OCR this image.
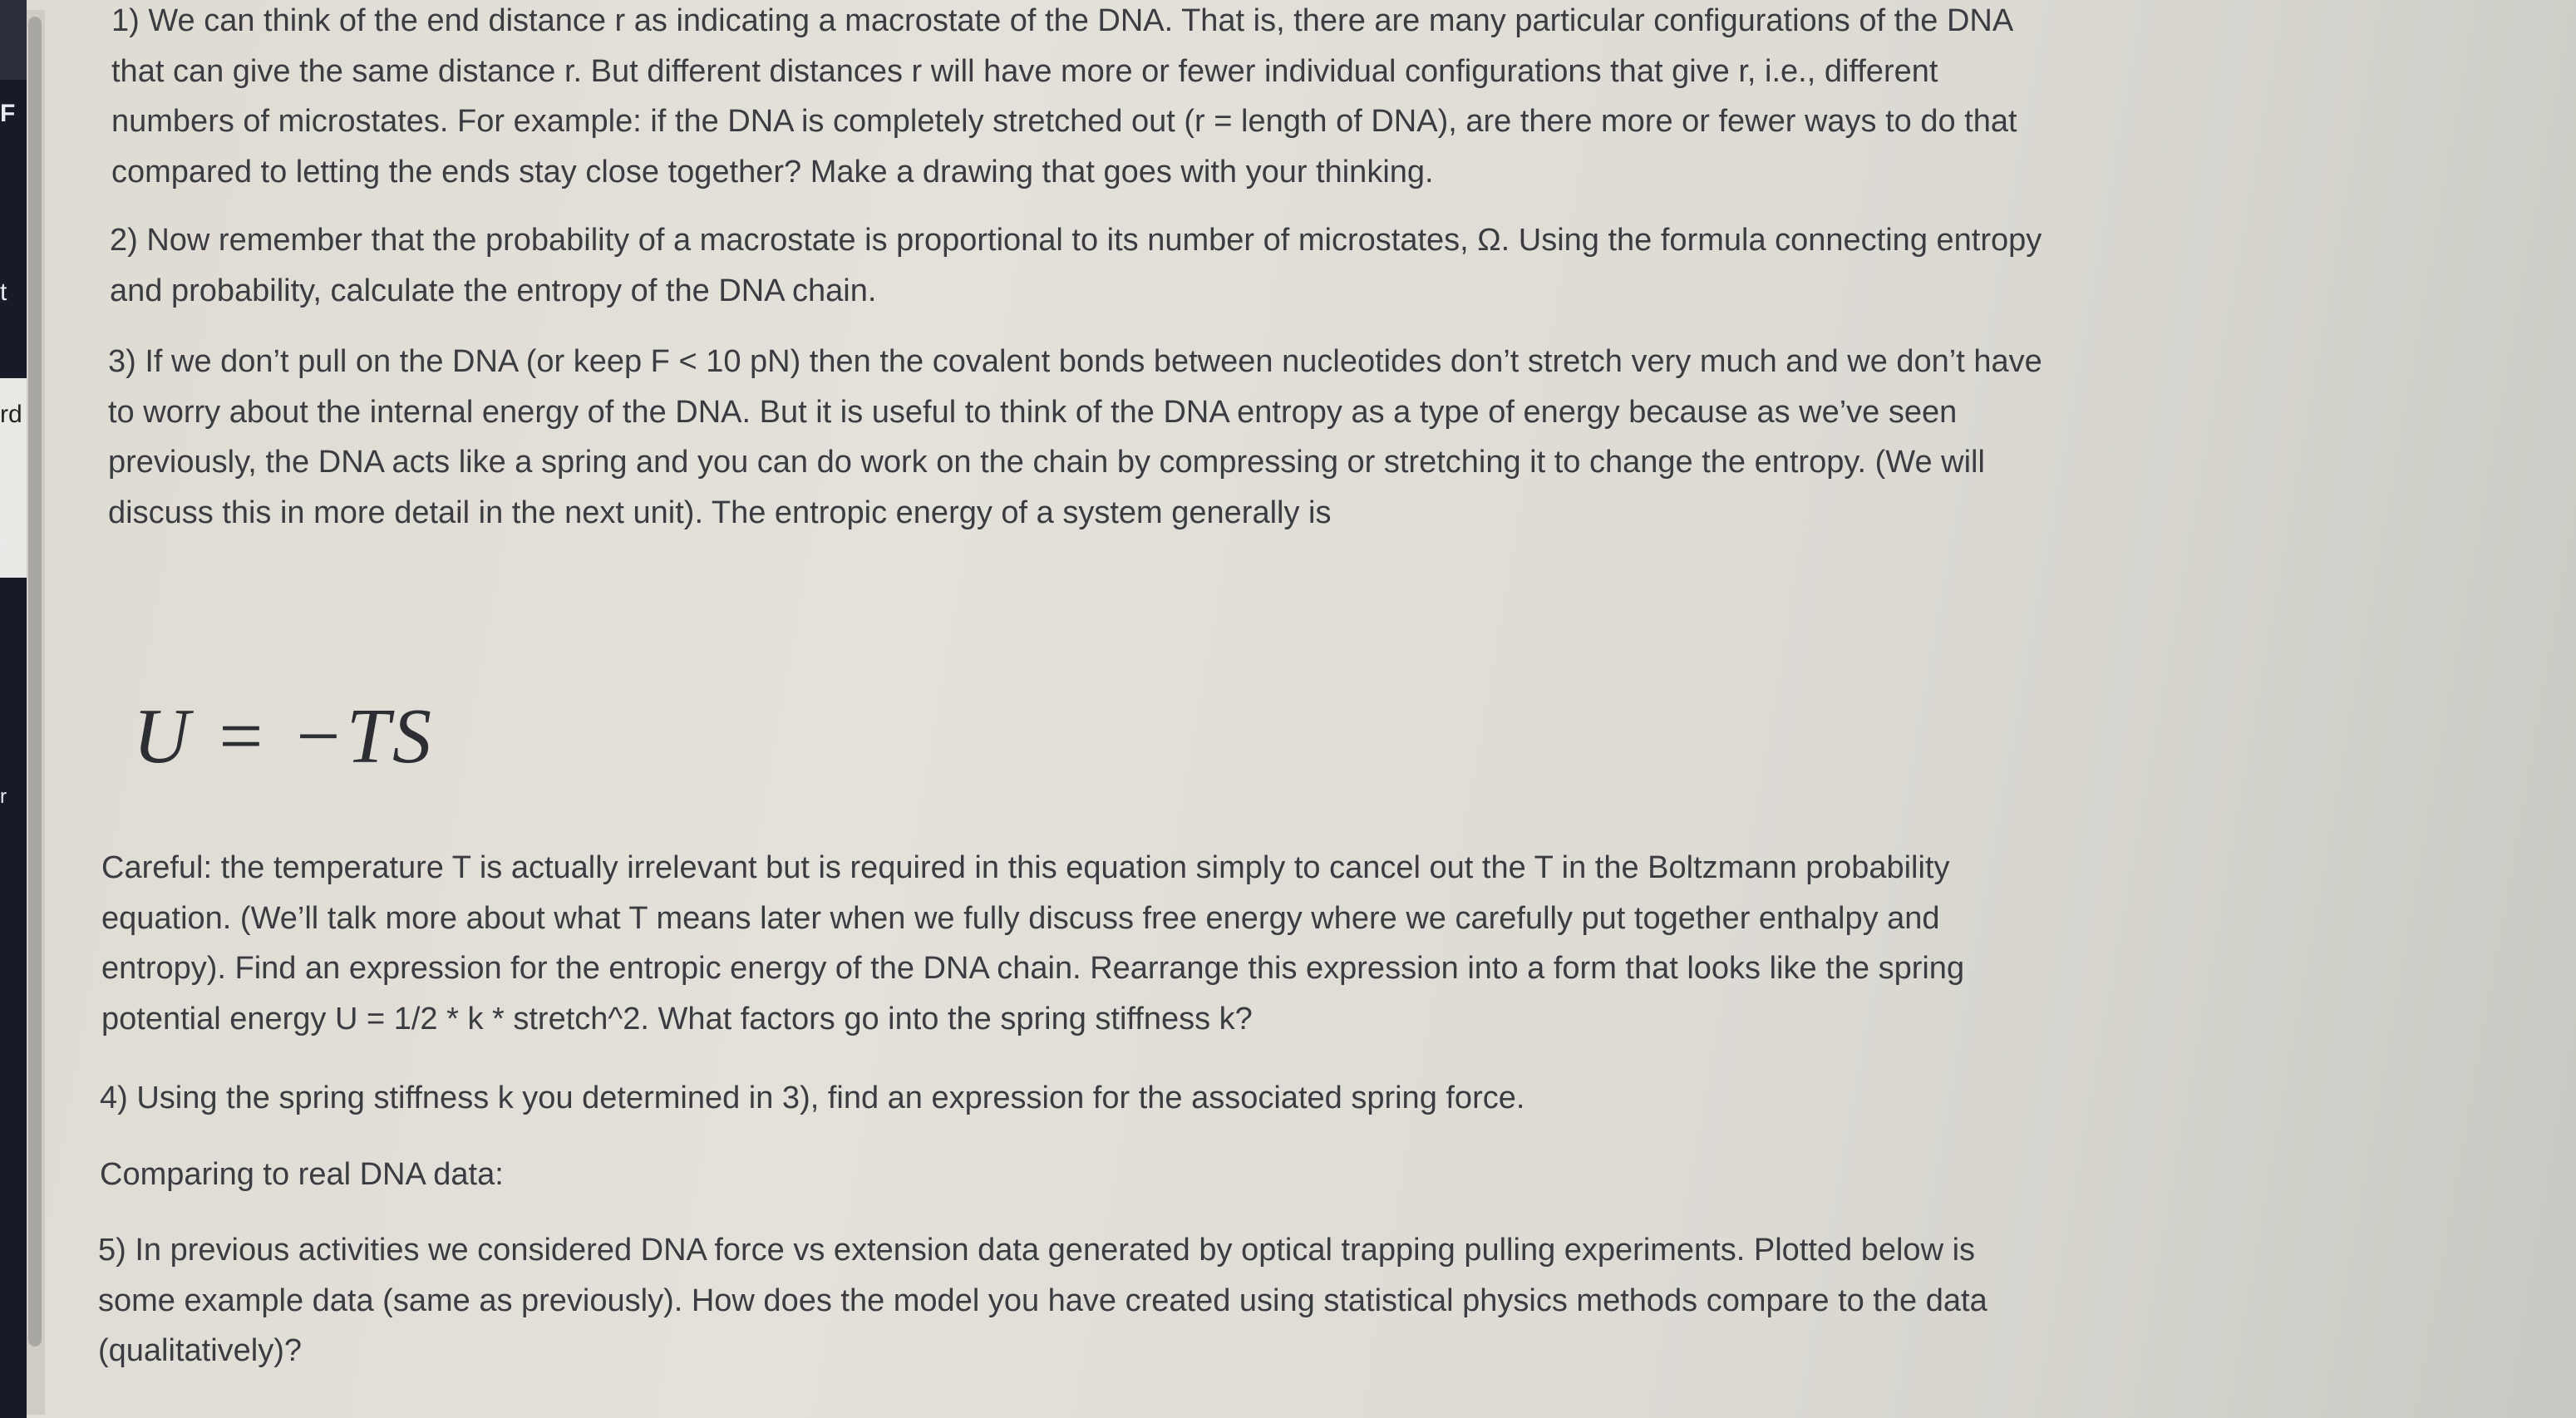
F
t
rd
s
r

1) We can think of the end distance r as indicating a macrostate of the DNA. That is, there are many particular configurations of the DNA
that can give the same distance r. But different distances r will have more or fewer individual configurations that give r, i.e., different
numbers of microstates. For example: if the DNA is completely stretched out (r = length of DNA), are there more or fewer ways to do that
compared to letting the ends stay close together? Make a drawing that goes with your thinking.

2) Now remember that the probability of a macrostate is proportional to its number of microstates, Ω. Using the formula connecting entropy
and probability, calculate the entropy of the DNA chain.

3) If we don’t pull on the DNA (or keep F < 10 pN) then the covalent bonds between nucleotides don’t stretch very much and we don’t have
to worry about the internal energy of the DNA. But it is useful to think of the DNA entropy as a type of energy because as we’ve seen
previously, the DNA acts like a spring and you can do work on the chain by compressing or stretching it to change the entropy. (We will
discuss this in more detail in the next unit). The entropic energy of a system generally is

Careful: the temperature T is actually irrelevant but is required in this equation simply to cancel out the T in the Boltzmann probability
equation. (We’ll talk more about what T means later when we fully discuss free energy where we carefully put together enthalpy and
entropy). Find an expression for the entropic energy of the DNA chain. Rearrange this expression into a form that looks like the spring
potential energy U = 1/2 * k * stretch^2. What factors go into the spring stiffness k?

4) Using the spring stiffness k you determined in 3), find an expression for the associated spring force.

Comparing to real DNA data:

5) In previous activities we considered DNA force vs extension data generated by optical trapping pulling experiments. Plotted below is
some example data (same as previously). How does the model you have created using statistical physics methods compare to the data
(qualitatively)?

U = −TS
